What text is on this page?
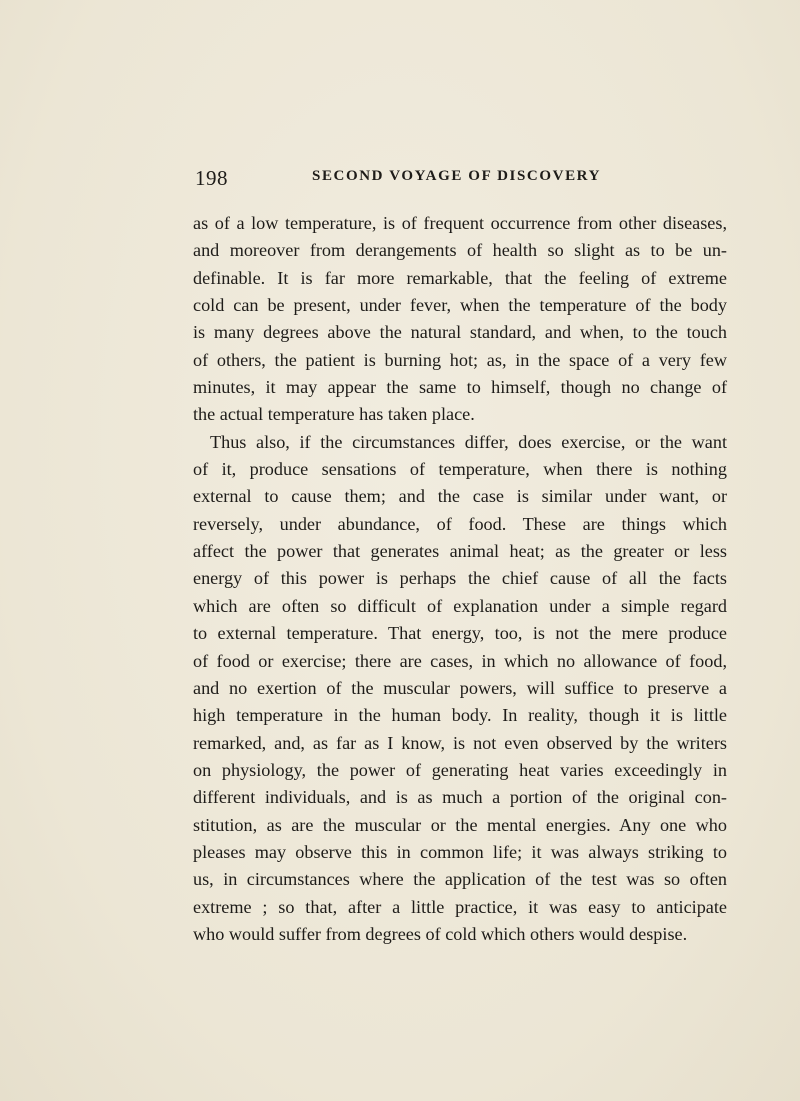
198	SECOND VOYAGE OF DISCOVERY
as of a low temperature, is of frequent occurrence from other diseases,
and moreover from derangements of health so slight as to be un-
definable. It is far more remarkable, that the feeling of extreme
cold can be present, under fever, when the temperature of the body
is many degrees above the natural standard, and when, to the touch
of others, the patient is burning hot; as, in the space of a very few
minutes, it may appear the same to himself, though no change of
the actual temperature has taken place.
Thus also, if the circumstances differ, does exercise, or the want
of it, produce sensations of temperature, when there is nothing
external to cause them; and the case is similar under want, or
reversely, under abundance, of food. These are things which
affect the power that generates animal heat; as the greater or less
energy of this power is perhaps the chief cause of all the facts
which are often so difficult of explanation under a simple regard
to external temperature. That energy, too, is not the mere produce
of food or exercise; there are cases, in which no allowance of food,
and no exertion of the muscular powers, will suffice to preserve a
high temperature in the human body. In reality, though it is little
remarked, and, as far as I know, is not even observed by the writers
on physiology, the power of generating heat varies exceedingly in
different individuals, and is as much a portion of the original con-
stitution, as are the muscular or the mental energies. Any one who
pleases may observe this in common life; it was always striking to
us, in circumstances where the application of the test was so often
extreme ; so that, after a little practice, it was easy to anticipate
who would suffer from degrees of cold which others would despise.
